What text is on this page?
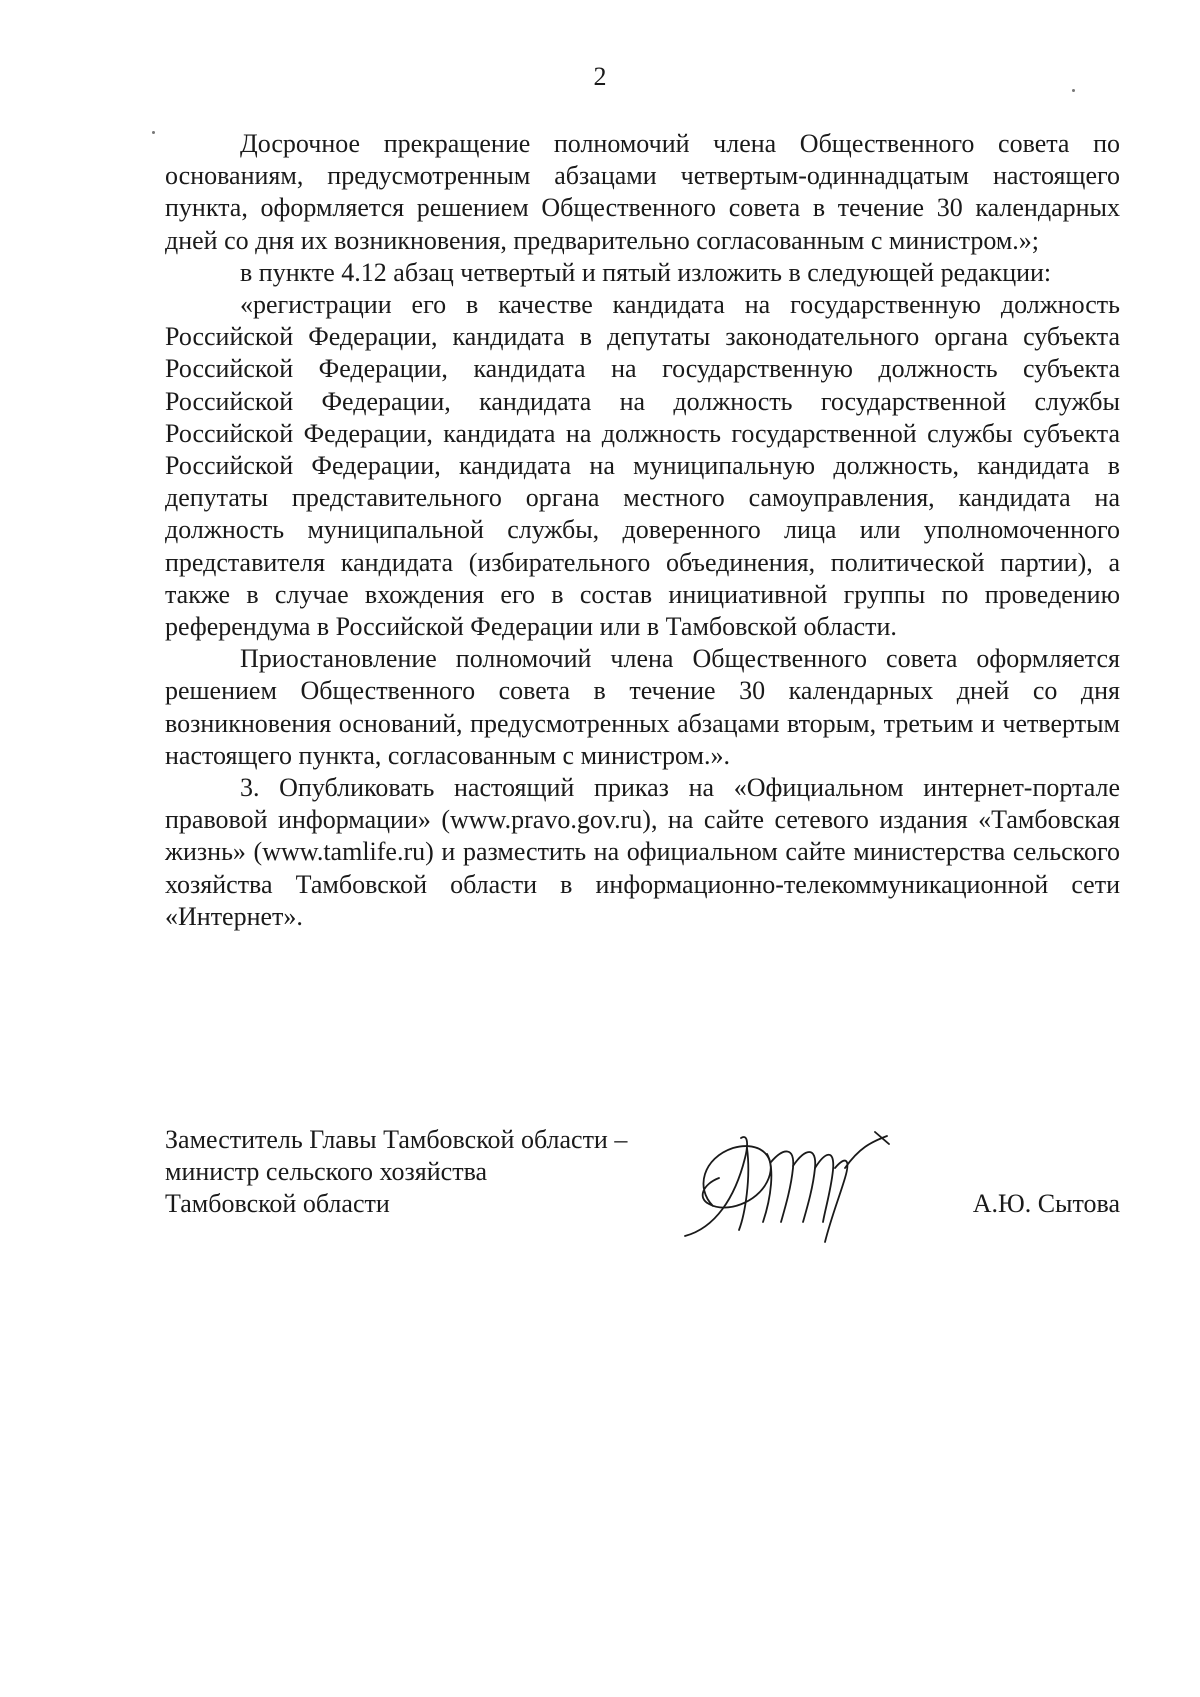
2

Досрочное прекращение полномочий члена Общественного совета по основаниям, предусмотренным абзацами четвертым-одиннадцатым настоящего пункта, оформляется решением Общественного совета в течение 30 календарных дней со дня их возникновения, предварительно согласованным с министром.»;

в пункте 4.12 абзац четвертый и пятый изложить в следующей редакции:

«регистрации его в качестве кандидата на государственную должность Российской Федерации, кандидата в депутаты законодательного органа субъекта Российской Федерации, кандидата на государственную должность субъекта Российской Федерации, кандидата на должность государственной службы Российской Федерации, кандидата на должность государственной службы субъекта Российской Федерации, кандидата на муниципальную должность, кандидата в депутаты представительного органа местного самоуправления, кандидата на должность муниципальной службы, доверенного лица или уполномоченного представителя кандидата (избирательного объединения, политической партии), а также в случае вхождения его в состав инициативной группы по проведению референдума в Российской Федерации или в Тамбовской области.

Приостановление полномочий члена Общественного совета оформляется решением Общественного совета в течение 30 календарных дней со дня возникновения оснований, предусмотренных абзацами вторым, третьим и четвертым настоящего пункта, согласованным с министром.».

3. Опубликовать настоящий приказ на «Официальном интернет-портале правовой информации» (www.pravo.gov.ru), на сайте сетевого издания «Тамбовская жизнь» (www.tamlife.ru) и разместить на официальном сайте министерства сельского хозяйства Тамбовской области в информационно-телекоммуникационной сети «Интернет».

Заместитель Главы Тамбовской области –
министр сельского хозяйства
Тамбовской области	А.Ю. Сытова
